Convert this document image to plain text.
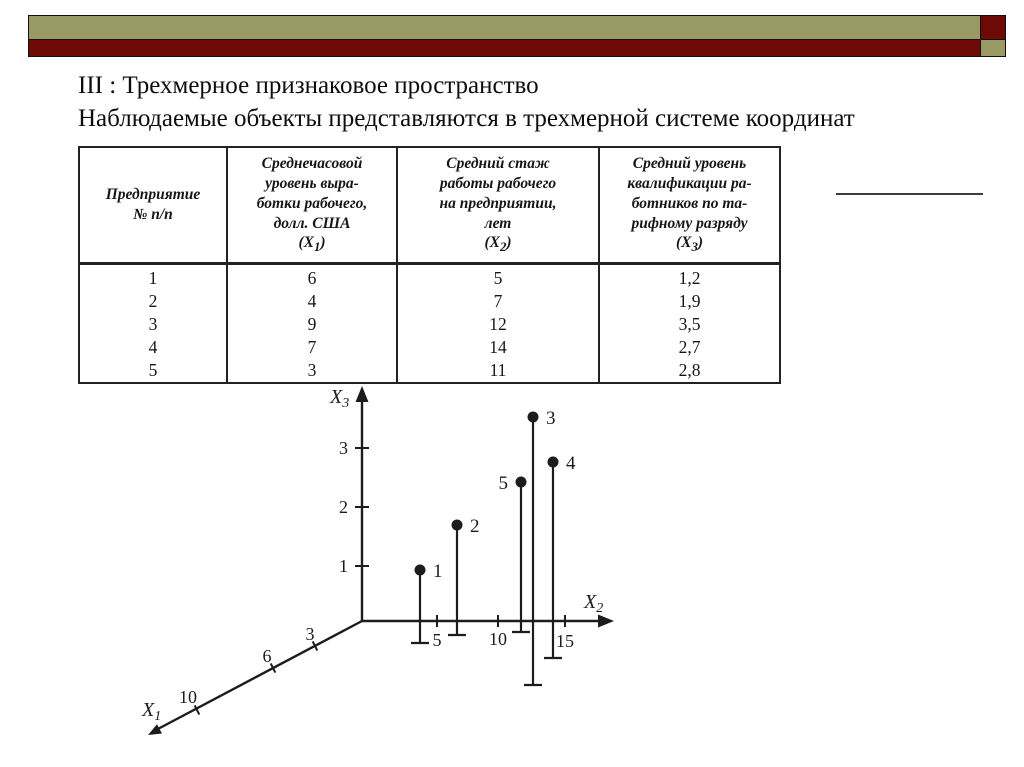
III : Трехмерное признаковое пространство
Наблюдаемые объекты представляются в трехмерной системе координат
Предприятие
№ п/п

Среднечасовой
уровень выра-
ботки рабочего,
долл. США
$(X_1)$

Средний стаж
работы рабочего
на предприятии,
лет
$(X_2)$

Средний уровень
квалификации ра-
ботников по та-
рифному разряду
$(X_3)$

1	6	5	1,2
2	4	7	1,9
3	9	12	3,5
4	7	14	2,7
5	3	11	2,8
$X_3$
1
2
3
$X_2$
5	10	15
$X_1$
3
6
10
1
2
3
4
5
